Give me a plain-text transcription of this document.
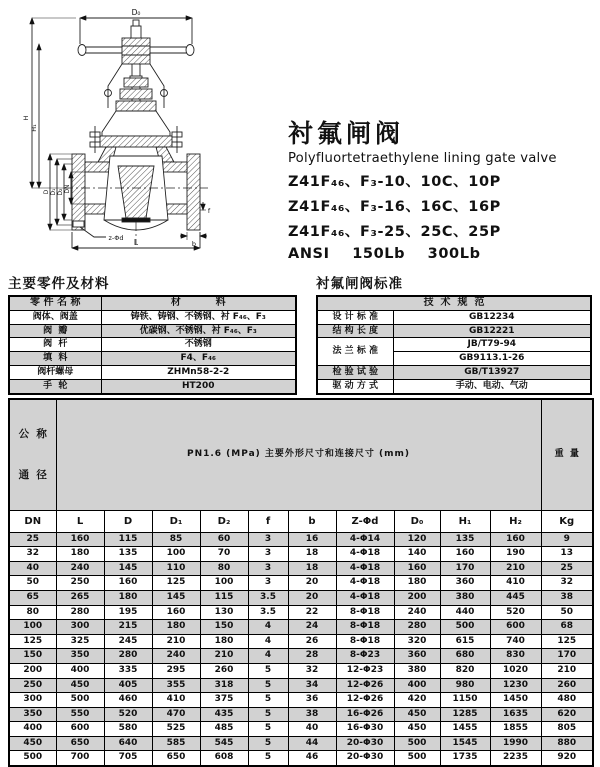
D₀
H
H₁
D D₁ D₂ DN
L
z-Φd
f
b
衬氟闸阀
Polyfluortetraethylene lining gate valve
Z41F₄₆、F₃-10、10C、10P
Z41F₄₆、F₃-16、16C、16P
Z41F₄₆、F₃-25、25C、25P
ANSI    150Lb    300Lb
主要零件及材料
零 件 名 称	材          料
阀体、阀盖	铸铁、铸钢、不锈钢、衬 F₄₆、F₃
阀  瓣	优碳钢、不锈钢、衬 F₄₆、F₃
阀  杆	不锈钢
填  料	F4、F₄₆
阀杆螺母	ZHMn58-2-2
手  轮	HT200
衬氟闸阀标准
技  术  规  范	
设 计 标 准	GB12234
结 构 长 度	GB12221
法 兰 标 准	JB/T79-94
	GB9113.1-26
检 验 试 验	GB/T13927
驱 动 方 式	手动、电动、气动

公  称

通  径	PN1.6 (MPa) 主要外形尺寸和连接尺寸 (mm)										重  量
DN	L	D	D₁	D₂	f	b	Z-Φd	D₀	H₁	H₂	Kg
25	160	115	85	60	3	16	4-Φ14	120	135	160	9
32	180	135	100	70	3	18	4-Φ18	140	160	190	13
40	240	145	110	80	3	18	4-Φ18	160	170	210	25
50	250	160	125	100	3	20	4-Φ18	180	360	410	32
65	265	180	145	115	3.5	20	4-Φ18	200	380	445	38
80	280	195	160	130	3.5	22	8-Φ18	240	440	520	50
100	300	215	180	150	4	24	8-Φ18	280	500	600	68
125	325	245	210	180	4	26	8-Φ18	320	615	740	125
150	350	280	240	210	4	28	8-Φ23	360	680	830	170
200	400	335	295	260	5	32	12-Φ23	380	820	1020	210
250	450	405	355	318	5	34	12-Φ26	400	980	1230	260
300	500	460	410	375	5	36	12-Φ26	420	1150	1450	480
350	550	520	470	435	5	38	16-Φ26	450	1285	1635	620
400	600	580	525	485	5	40	16-Φ30	450	1455	1855	805
450	650	640	585	545	5	44	20-Φ30	500	1545	1990	880
500	700	705	650	608	5	46	20-Φ30	500	1735	2235	920
